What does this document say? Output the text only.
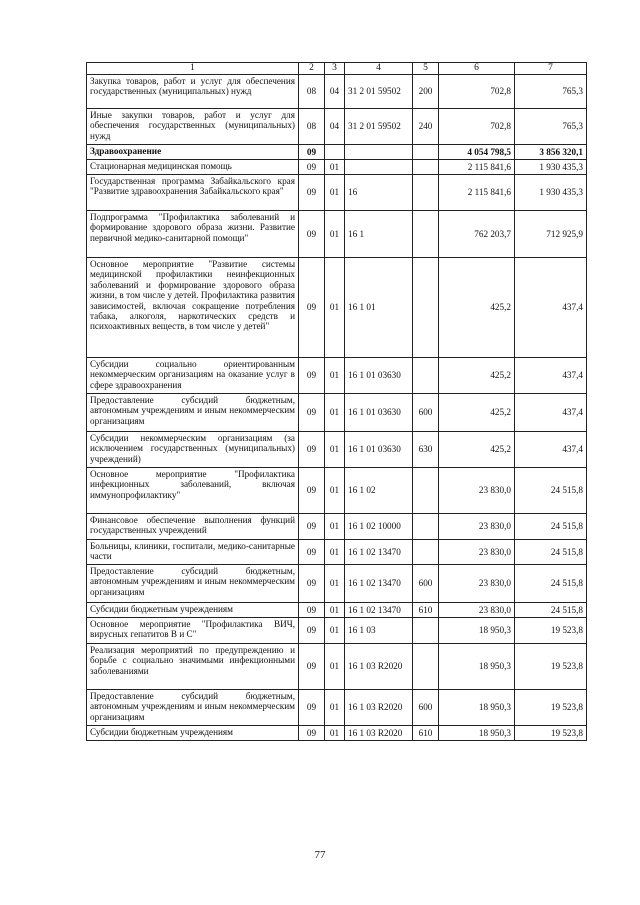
1	2	3	4	5	6	7
Закупка товаров, работ и услуг для обеспечения государственных (муниципальных) нужд	08	04	31 2 01 59502	200	702,8	765,3
Иные закупки товаров, работ и услуг для обеспечения государственных (муниципальных) нужд	08	04	31 2 01 59502	240	702,8	765,3
Здравоохранение	09				4 054 798,5	3 856 320,1
Стационарная медицинская помощь	09	01			2 115 841,6	1 930 435,3
Государственная программа Забайкальского края "Развитие здравоохранения Забайкальского края"	09	01	16		2 115 841,6	1 930 435,3
Подпрограмма "Профилактика заболеваний и формирование здорового образа жизни. Развитие первичной медико-санитарной помощи"	09	01	16 1		762 203,7	712 925,9
Основное мероприятие "Развитие системы медицинской профилактики неинфекционных заболеваний и формирование здорового образа жизни, в том числе у детей. Профилактика развития зависимостей, включая сокращение потребления табака, алкоголя, наркотических средств и психоактивных веществ, в том числе у детей"	09	01	16 1 01		425,2	437,4
Субсидии социально ориентированным некоммерческим организациям на оказание услуг в сфере здравоохранения	09	01	16 1 01 03630		425,2	437,4
Предоставление субсидий бюджетным, автономным учреждениям и иным некоммерческим организациям	09	01	16 1 01 03630	600	425,2	437,4
Субсидии некоммерческим организациям (за исключением государственных (муниципальных) учреждений)	09	01	16 1 01 03630	630	425,2	437,4
Основное мероприятие "Профилактика инфекционных заболеваний, включая иммунопрофилактику"	09	01	16 1 02		23 830,0	24 515,8
Финансовое обеспечение выполнения функций государственных учреждений	09	01	16 1 02 10000		23 830,0	24 515,8
Больницы, клиники, госпитали, медико-санитарные части	09	01	16 1 02 13470		23 830,0	24 515,8
Предоставление субсидий бюджетным, автономным учреждениям и иным некоммерческим организациям	09	01	16 1 02 13470	600	23 830,0	24 515,8
Субсидии бюджетным учреждениям	09	01	16 1 02 13470	610	23 830,0	24 515,8
Основное мероприятие "Профилактика ВИЧ, вирусных гепатитов В и С"	09	01	16 1 03		18 950,3	19 523,8
Реализация мероприятий по предупреждению и борьбе с социально значимыми инфекционными заболеваниями	09	01	16 1 03 R2020		18 950,3	19 523,8
Предоставление субсидий бюджетным, автономным учреждениям и иным некоммерческим организациям	09	01	16 1 03 R2020	600	18 950,3	19 523,8
Субсидии бюджетным учреждениям	09	01	16 1 03 R2020	610	18 950,3	19 523,8
77
